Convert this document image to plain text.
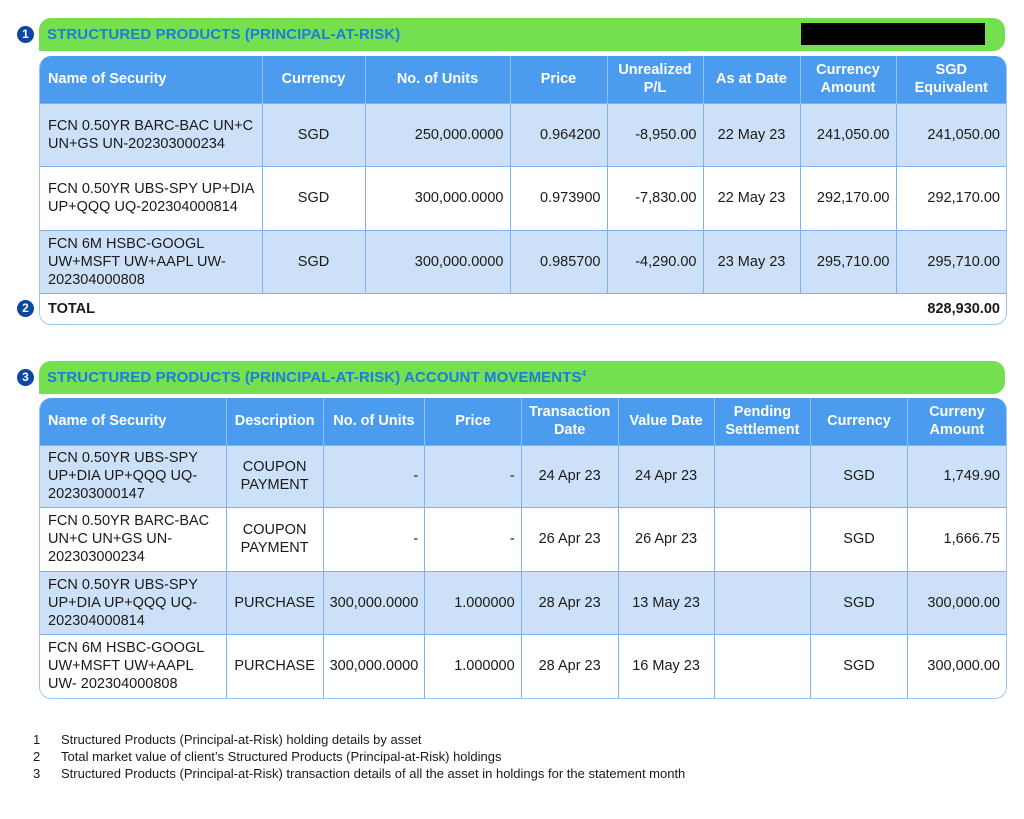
1	STRUCTURED PRODUCTS (PRINCIPAL-AT-RISK)
Name of Security	Currency	No. of Units	Price	Unrealized P/L	As at Date	Currency Amount	SGD Equivalent
FCN 0.50YR BARC-BAC UN+C UN+GS UN-202303000234	SGD	250,000.0000	0.964200	-8,950.00	22 May 23	241,050.00	241,050.00
FCN 0.50YR UBS-SPY UP+DIA UP+QQQ UQ-202304000814	SGD	300,000.0000	0.973900	-7,830.00	22 May 23	292,170.00	292,170.00
FCN 6M HSBC-GOOGL UW+MSFT UW+AAPL UW-202304000808	SGD	300,000.0000	0.985700	-4,290.00	23 May 23	295,710.00	295,710.00
TOTAL							828,930.00
2
3	STRUCTURED PRODUCTS (PRINCIPAL-AT-RISK) ACCOUNT MOVEMENTS$^4$
Name of Security	Description	No. of Units	Price	Transaction Date	Value Date	Pending Settlement	Currency	Curreny Amount
FCN 0.50YR UBS-SPY UP+DIA UP+QQQ UQ-202303000147	COUPON PAYMENT	-	-	24 Apr 23	24 Apr 23		SGD	1,749.90
FCN 0.50YR BARC-BAC UN+C UN+GS UN-202303000234	COUPON PAYMENT	-	-	26 Apr 23	26 Apr 23		SGD	1,666.75
FCN 0.50YR UBS-SPY UP+DIA UP+QQQ UQ-202304000814	PURCHASE	300,000.0000	1.000000	28 Apr 23	13 May 23		SGD	300,000.00
FCN 6M HSBC-GOOGL UW+MSFT UW+AAPL UW- 202304000808	PURCHASE	300,000.0000	1.000000	28 Apr 23	16 May 23		SGD	300,000.00
1	Structured Products (Principal-at-Risk) holding details by asset
2	Total market value of client’s Structured Products (Principal-at-Risk) holdings
3	Structured Products (Principal-at-Risk) transaction details of all the asset in holdings for the statement month
